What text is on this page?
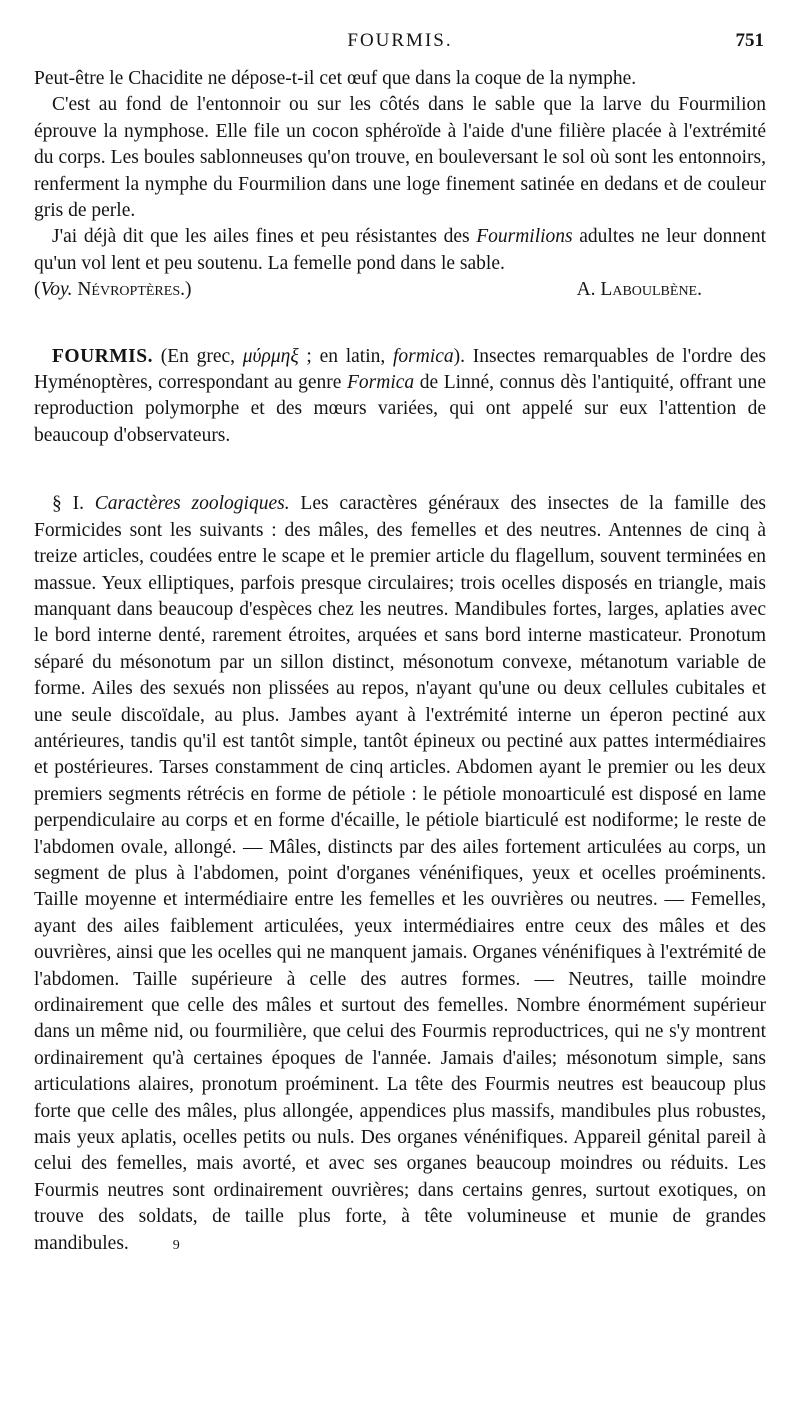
FOURMIS.	751

Peut-être le Chacidite ne dépose-t-il cet œuf que dans la coque de la nymphe.

C'est au fond de l'entonnoir ou sur les côtés dans le sable que la larve du Fourmilion éprouve la nymphose. Elle file un cocon sphéroïde à l'aide d'une filière placée à l'extrémité du corps. Les boules sablonneuses qu'on trouve, en bouleversant le sol où sont les entonnoirs, renferment la nymphe du Fourmilion dans une loge finement satinée en dedans et de couleur gris de perle.

J'ai déjà dit que les ailes fines et peu résistantes des Fourmilions adultes ne leur donnent qu'un vol lent et peu soutenu. La femelle pond dans le sable.

(Voy. Névroptères.)	A. Laboulbène.

FOURMIS. (En grec, μύρμηξ ; en latin, formica). Insectes remarquables de l'ordre des Hyménoptères, correspondant au genre Formica de Linné, connus dès l'antiquité, offrant une reproduction polymorphe et des mœurs variées, qui ont appelé sur eux l'attention de beaucoup d'observateurs.

§ I. Caractères zoologiques. Les caractères généraux des insectes de la famille des Formicides sont les suivants : des mâles, des femelles et des neutres. Antennes de cinq à treize articles, coudées entre le scape et le premier article du flagellum, souvent terminées en massue. Yeux elliptiques, parfois presque circulaires; trois ocelles disposés en triangle, mais manquant dans beaucoup d'espèces chez les neutres. Mandibules fortes, larges, aplaties avec le bord interne denté, rarement étroites, arquées et sans bord interne masticateur. Pronotum séparé du mésonotum par un sillon distinct, mésonotum convexe, métanotum variable de forme. Ailes des sexués non plissées au repos, n'ayant qu'une ou deux cellules cubitales et une seule discoïdale, au plus. Jambes ayant à l'extrémité interne un éperon pectiné aux antérieures, tandis qu'il est tantôt simple, tantôt épineux ou pectiné aux pattes intermédiaires et postérieures. Tarses constamment de cinq articles. Abdomen ayant le premier ou les deux premiers segments rétrécis en forme de pétiole : le pétiole monoarticulé est disposé en lame perpendiculaire au corps et en forme d'écaille, le pétiole biarticulé est nodiforme; le reste de l'abdomen ovale, allongé. — Mâles, distincts par des ailes fortement articulées au corps, un segment de plus à l'abdomen, point d'organes vénénifiques, yeux et ocelles proéminents. Taille moyenne et intermédiaire entre les femelles et les ouvrières ou neutres. — Femelles, ayant des ailes faiblement articulées, yeux intermédiaires entre ceux des mâles et des ouvrières, ainsi que les ocelles qui ne manquent jamais. Organes vénénifiques à l'extrémité de l'abdomen. Taille supérieure à celle des autres formes. — Neutres, taille moindre ordinairement que celle des mâles et surtout des femelles. Nombre énormément supérieur dans un même nid, ou fourmilière, que celui des Fourmis reproductrices, qui ne s'y montrent ordinairement qu'à certaines époques de l'année. Jamais d'ailes; mésonotum simple, sans articulations alaires, pronotum proéminent. La tête des Fourmis neutres est beaucoup plus forte que celle des mâles, plus allongée, appendices plus massifs, mandibules plus robustes, mais yeux aplatis, ocelles petits ou nuls. Des organes vénénifiques. Appareil génital pareil à celui des femelles, mais avorté, et avec ses organes beaucoup moindres ou réduits. Les Fourmis neutres sont ordinairement ouvrières; dans certains genres, surtout exotiques, on trouve des soldats, de taille plus forte, à tête volumineuse et munie de grandes mandibules.	9
